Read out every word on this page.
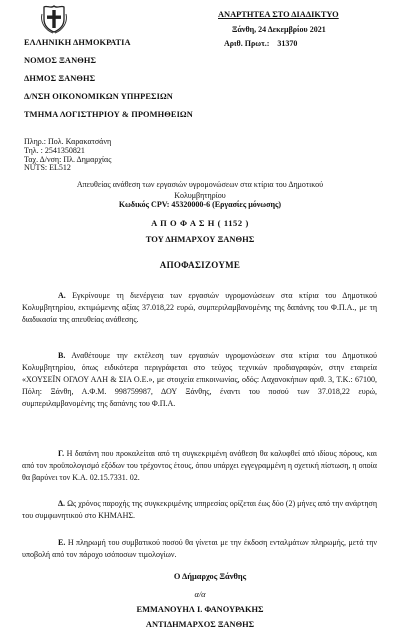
ΕΛΛΗΝΙΚΗ ΔΗΜΟΚΡΑΤΙΑ
ΝΟΜΟΣ ΞΑΝΘΗΣ
ΔΗΜΟΣ ΞΑΝΘΗΣ
Δ/ΝΣΗ ΟΙΚΟΝΟΜΙΚΩΝ ΥΠΗΡΕΣΙΩΝ
ΤΜΗΜΑ ΛΟΓΙΣΤΗΡΙΟΥ & ΠΡΟΜΗΘΕΙΩΝ
Πληρ.: Πολ. Καρακατσάνη
Τηλ. : 2541350821
Ταχ. Δ/νση: Πλ. Δημαρχίας
NUTS: EL512
ΑΝΑΡΤΗΤΕΑ ΣΤΟ ΔΙΑΔΙΚΤΥΟ
Ξάνθη, 24 Δεκεμβρίου 2021
Αριθ. Πρωτ.: 31370
Απευθείας ανάθεση των εργασιών υγρομονώσεων στα κτίρια του Δημοτικού
Κολυμβητηρίου
Κωδικός CPV: 45320000-6 (Εργασίες μόνωσης)
Α Π Ο Φ Α Σ Η ( 1152 )
ΤΟΥ ΔΗΜΑΡΧΟΥ ΞΑΝΘΗΣ
ΑΠΟΦΑΣΙΖΟΥΜΕ
Α. Εγκρίνουμε τη διενέργεια των εργασιών υγρομονώσεων στα κτίρια του Δημοτικού Κολυμβητηρίου, εκτιμώμενης αξίας 37.018,22 ευρώ, συμπεριλαμβανομένης της δαπάνης του Φ.Π.Α., με τη διαδικασία της απευθείας ανάθεσης.
Β. Αναθέτουμε την εκτέλεση των εργασιών υγρομονώσεων στα κτίρια του Δημοτικού Κολυμβητηρίου, όπως ειδικότερα περιγράφεται στο τεύχος τεχνικών προδιαγραφών, στην εταιρεία «ΧΟΥΣΕΪΝ ΟΓΛΟΥ ΑΛΗ & ΣΙΑ Ο.Ε.», με στοιχεία επικοινωνίας, οδός: Λαχανοκήπων αριθ. 3, Τ.Κ.: 67100, Πόλη: Ξάνθη, Α.Φ.Μ. 998759987, ΔΟΥ Ξάνθης, έναντι του ποσού των 37.018,22 ευρώ, συμπεριλαμβανομένης της δαπάνης του Φ.Π.Α.
Γ. Η δαπάνη που προκαλείται από τη συγκεκριμένη ανάθεση θα καλυφθεί από ιδίους πόρους, και από τον προϋπολογισμό εξόδων του τρέχοντος έτους, όπου υπάρχει εγγεγραμμένη η σχετική πίστωση, η οποία θα βαρύνει τον Κ.Α. 02.15.7331. 02.
Δ. Ως χρόνος παροχής της συγκεκριμένης υπηρεσίας ορίζεται έως δύο (2) μήνες από την ανάρτηση του συμφωνητικού στο ΚΗΜΑΗΣ.
Ε. Η πληρωμή του συμβατικού ποσού θα γίνεται με την έκδοση ενταλμάτων πληρωμής, μετά την υποβολή από τον πάροχο ισόποσων τιμολογίων.
Ο Δήμαρχος Ξάνθης
α/α
ΕΜΜΑΝΟΥΗΛ Ι. ΦΑΝΟΥΡΑΚΗΣ
ΑΝΤΙΔΗΜΑΡΧΟΣ ΞΑΝΘΗΣ
